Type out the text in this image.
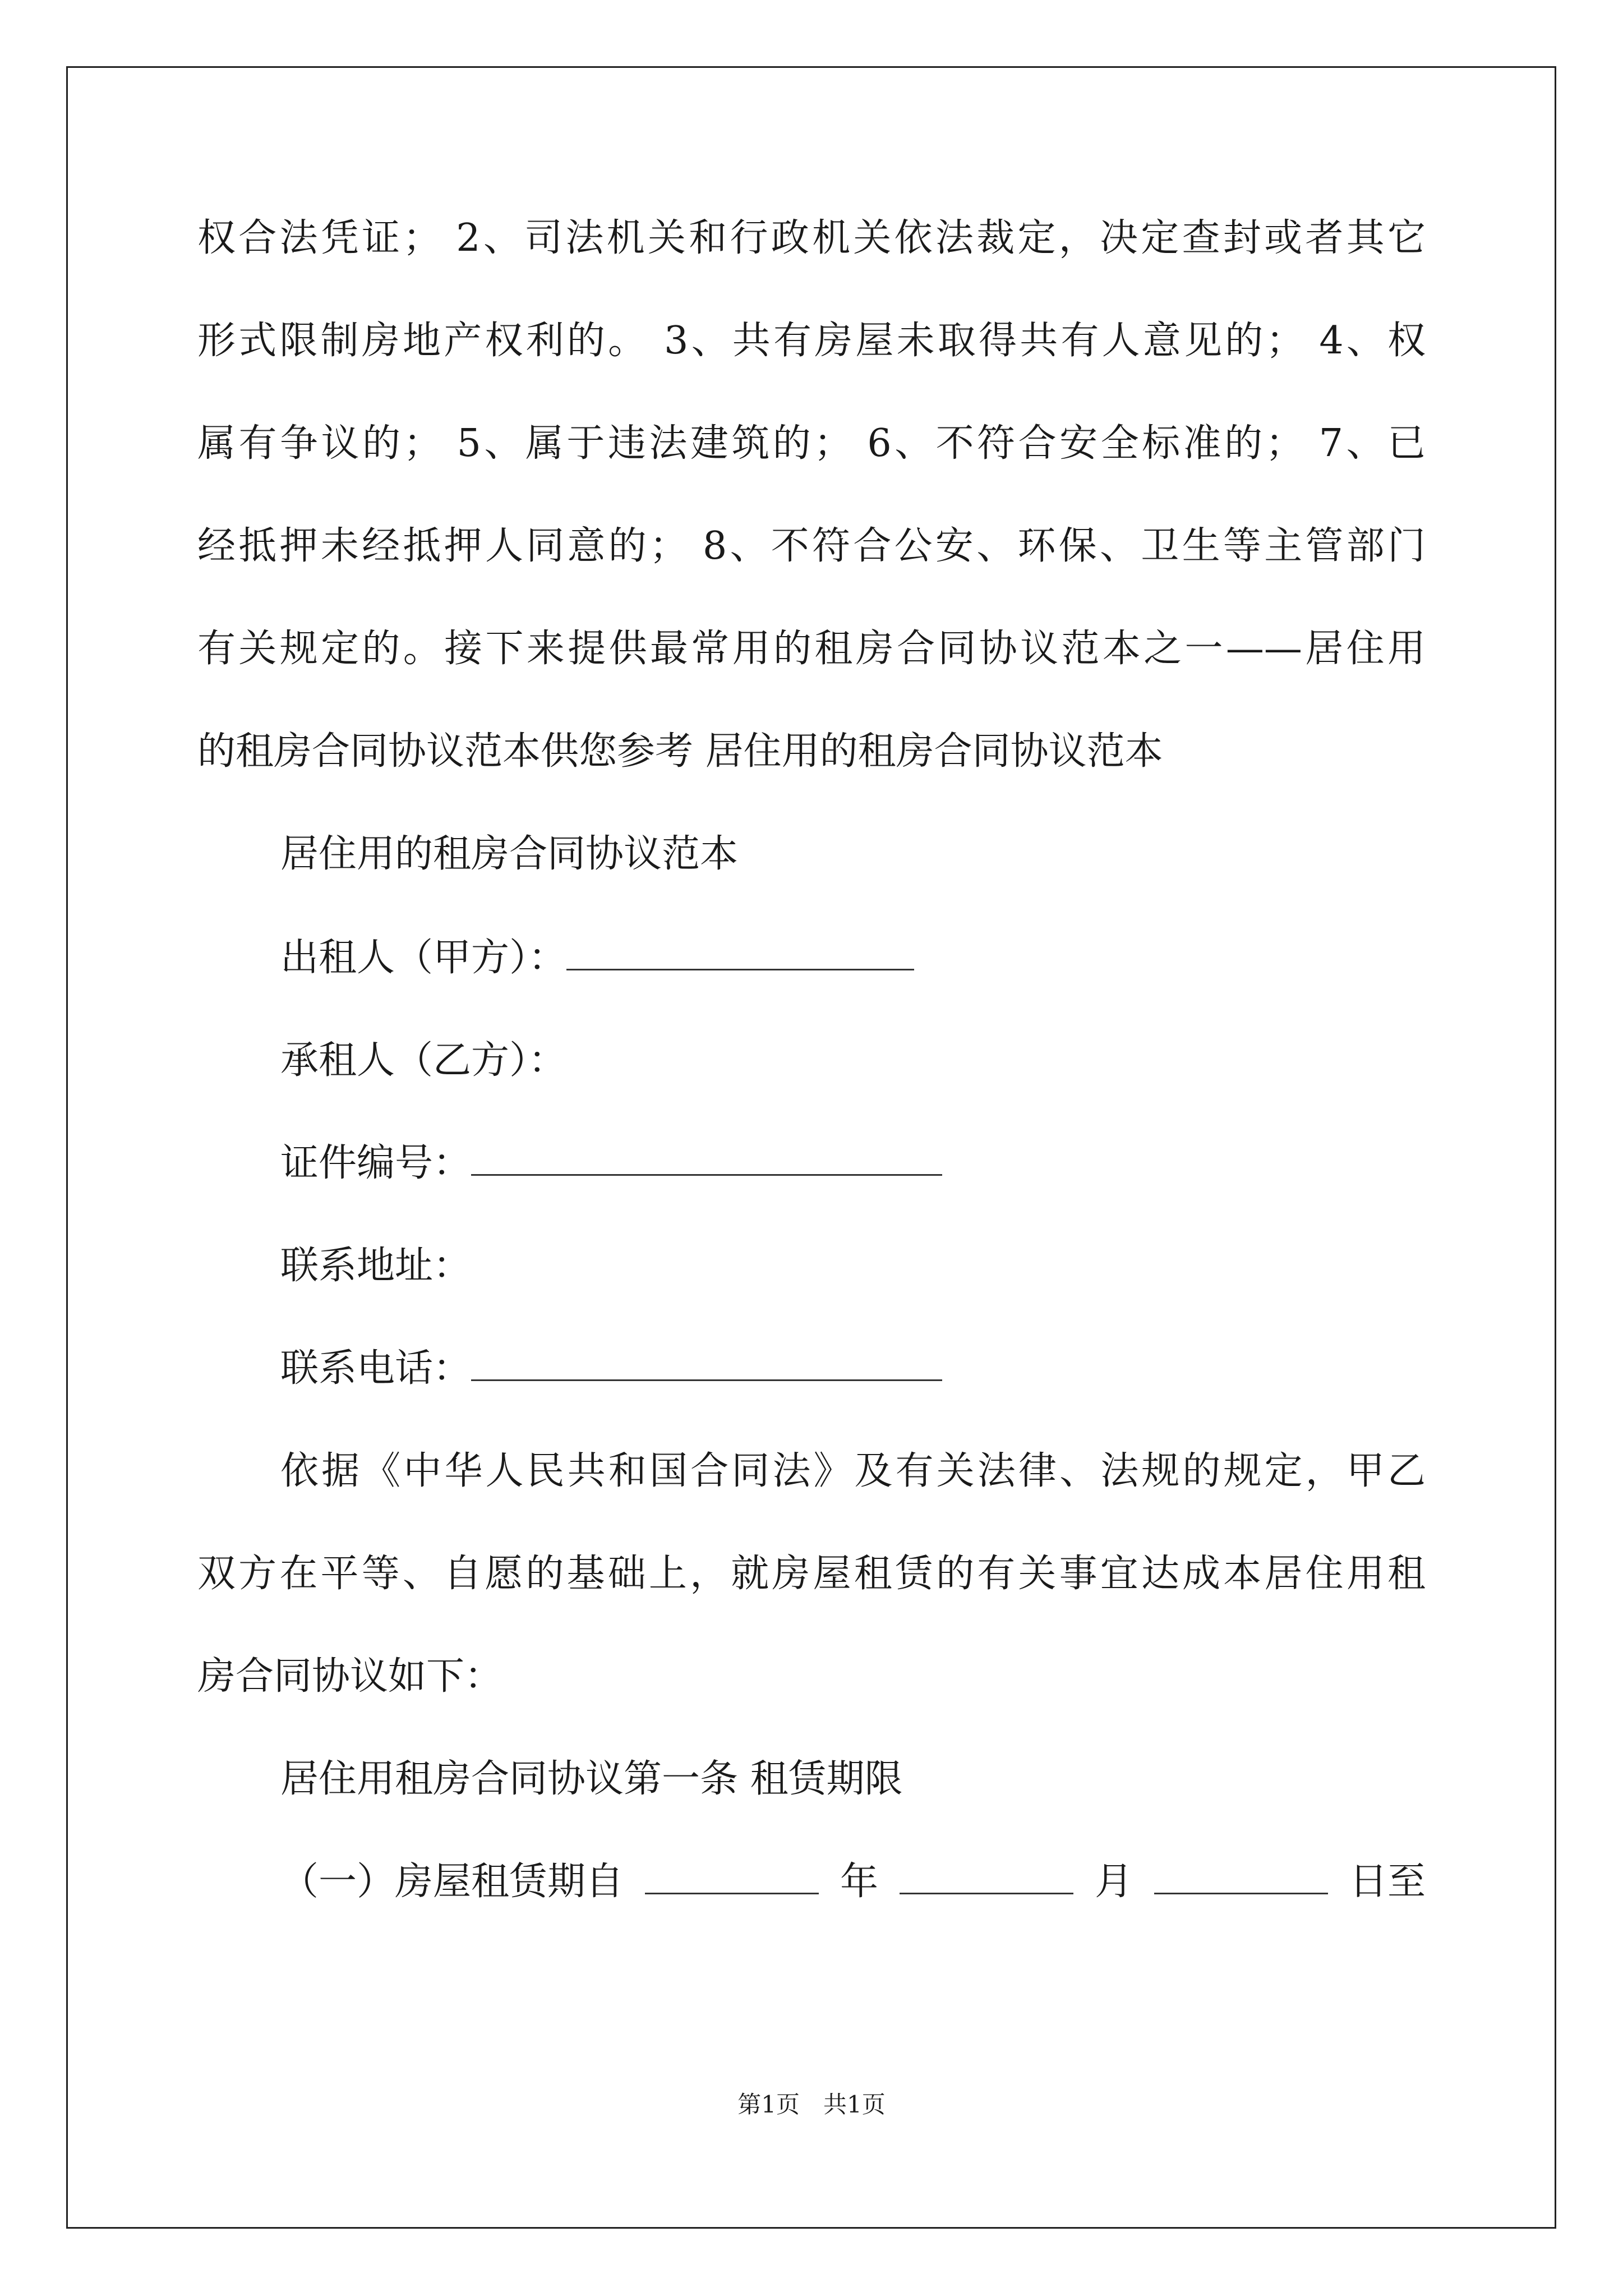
权合法凭证； 2、司法机关和行政机关依法裁定，决定查封或者其它
形式限制房地产权利的。 3、共有房屋未取得共有人意见的； 4、权
属有争议的； 5、属于违法建筑的； 6、不符合安全标准的； 7、已
经抵押未经抵押人同意的； 8、不符合公安、环保、卫生等主管部门
有关规定的。接下来提供最常用的租房合同协议范本之一——居住用
的租房合同协议范本供您参考 居住用的租房合同协议范本
居住用的租房合同协议范本
出租人（甲方）：
承租人（乙方）：
证件编号：
联系地址：
联系电话：
依据《中华人民共和国合同法》及有关法律、法规的规定，甲乙
双方在平等、自愿的基础上，就房屋租赁的有关事宜达成本居住用租
房合同协议如下：
居住用租房合同协议第一条 租赁期限
（一）房屋租赁期自	年	月	日至
第1页　共1页
